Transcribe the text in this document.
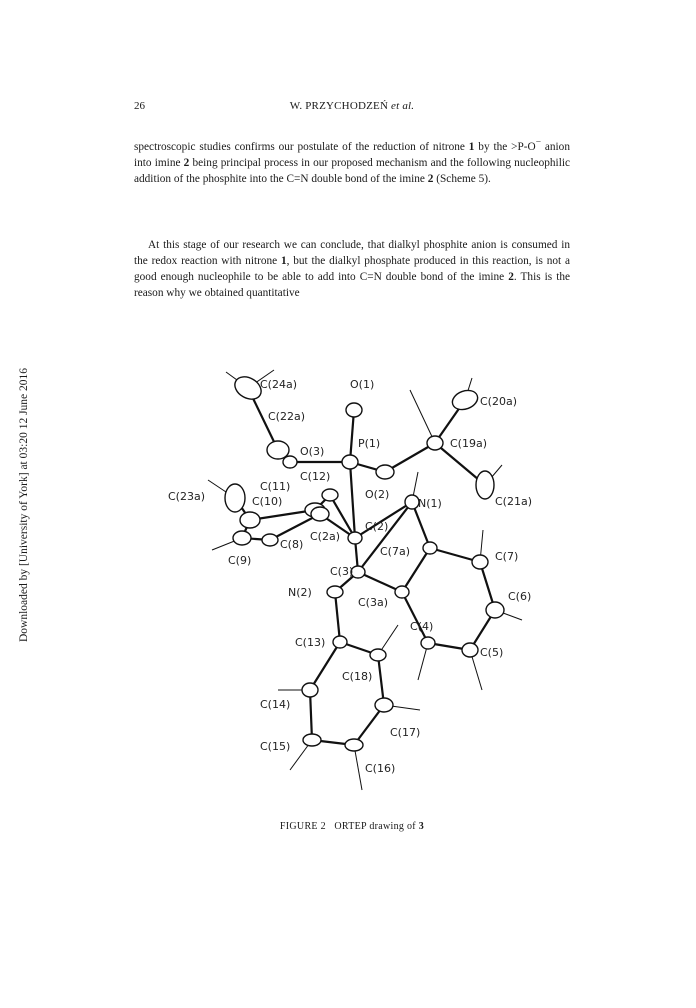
26	W. PRZYCHODZEŃ et al.
spectroscopic studies confirms our postulate of the reduction of nitrone 1 by the >P-O− anion into imine 2 being principal process in our proposed mechanism and the following nucleophilic addition of the phosphite into the C=N double bond of the imine 2 (Scheme 5).
At this stage of our research we can conclude, that dialkyl phosphite anion is consumed in the redox reaction with nitrone 1, but the dialkyl phosphate produced in this reaction, is not a good enough nucleophile to be able to add into C=N double bond of the imine 2. This is the reason why we obtained quantitative
Downloaded by [University of York] at 03:20 12 June 2016	C(24a)	O(1)
C(20a)
C(22a)
O(3)
P(1)	C(19a)
C(23a)
C(11)
C(12)
O(2)
N(1)	C(21a)
C(10)
C(2a)
C(2)
C(8)
C(9)
C(3)
C(7a)	C(7)
N(2)
C(3a)	C(6)
C(4)
C(13)
C(18)
C(5)
C(14)
C(17)
C(15)
C(16)
FIGURE 2 ORTEP drawing of 3
